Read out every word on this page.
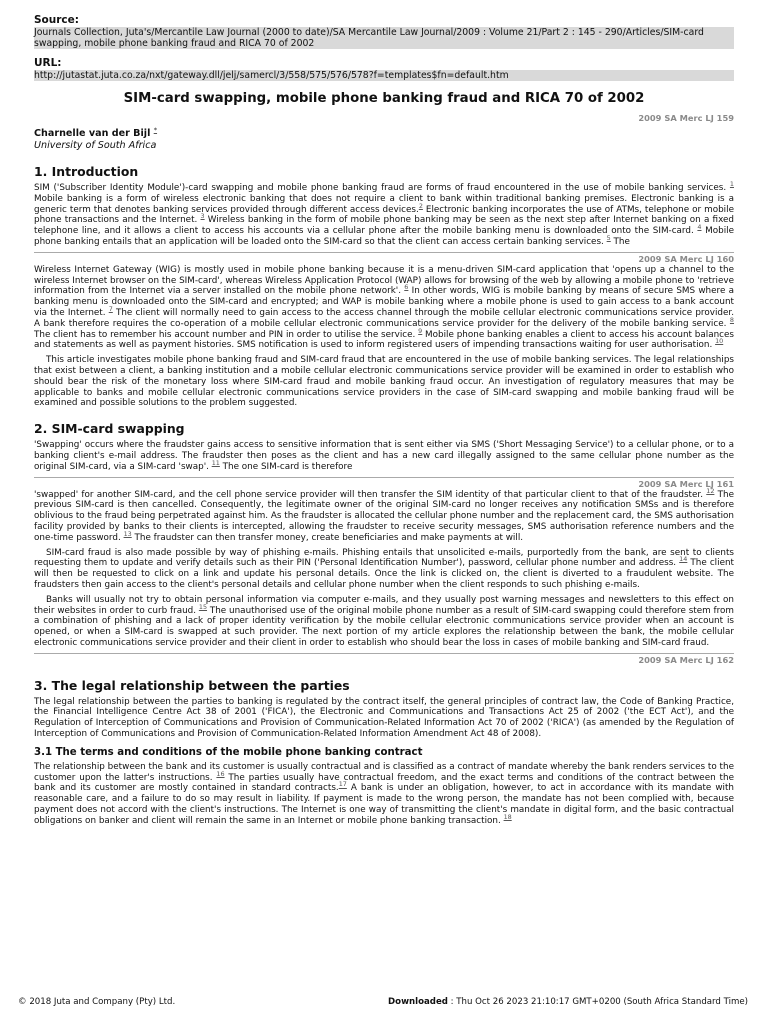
Source:
Journals Collection, Juta's/Mercantile Law Journal (2000 to date)/SA Mercantile Law Journal/2009 : Volume 21/Part 2 : 145 - 290/Articles/SIM-card swapping, mobile phone banking fraud and RICA 70 of 2002
URL:
http://jutastat.juta.co.za/nxt/gateway.dll/jelj/samercl/3/558/575/576/578?f=templates$fn=default.htm
SIM-card swapping, mobile phone banking fraud and RICA 70 of 2002
2009 SA Merc LJ 159
Charnelle van der Bijl *
University of South Africa
1. Introduction

SIM ('Subscriber Identity Module')-card swapping and mobile phone banking fraud are forms of fraud encountered in the use of mobile banking services. $^1$ Mobile banking is a form of wireless electronic banking that does not require a client to bank within traditional banking premises. Electronic banking is a generic term that denotes banking services provided through different access devices.$^2$ Electronic banking incorporates the use of ATMs, telephone or mobile phone transactions and the Internet. $^3$ Wireless banking in the form of mobile phone banking may be seen as the next step after Internet banking on a fixed telephone line, and it allows a client to access his accounts via a cellular phone after the mobile banking menu is downloaded onto the SIM-card. $^4$ Mobile phone banking entails that an application will be loaded onto the SIM-card so that the client can access certain banking services. $^5$ The

2009 SA Merc LJ 160

Wireless Internet Gateway (WIG) is mostly used in mobile phone banking because it is a menu-driven SIM-card application that 'opens up a channel to the wireless Internet browser on the SIM-card', whereas Wireless Application Protocol (WAP) allows for browsing of the web by allowing a mobile phone to 'retrieve information from the Internet via a server installed on the mobile phone network'. $^6$ In other words, WIG is mobile banking by means of secure SMS where a banking menu is downloaded onto the SIM-card and encrypted; and WAP is mobile banking where a mobile phone is used to gain access to a bank account via the Internet. $^7$ The client will normally need to gain access to the access channel through the mobile cellular electronic communications service provider. A bank therefore requires the co-operation of a mobile cellular electronic communications service provider for the delivery of the mobile banking service. $^8$ The client has to remember his account number and PIN in order to utilise the service. $^9$ Mobile phone banking enables a client to access his account balances and statements as well as payment histories. SMS notification is used to inform registered users of impending transactions waiting for user authorisation. $^{10}$

This article investigates mobile phone banking fraud and SIM-card fraud that are encountered in the use of mobile banking services. The legal relationships that exist between a client, a banking institution and a mobile cellular electronic communications service provider will be examined in order to establish who should bear the risk of the monetary loss where SIM-card fraud and mobile banking fraud occur. An investigation of regulatory measures that may be applicable to banks and mobile cellular electronic communications service providers in the case of SIM-card swapping and mobile banking fraud will be examined and possible solutions to the problem suggested.

2. SIM-card swapping

'Swapping' occurs where the fraudster gains access to sensitive information that is sent either via SMS ('Short Messaging Service') to a cellular phone, or to a banking client's e-mail address. The fraudster then poses as the client and has a new card illegally assigned to the same cellular phone number as the original SIM-card, via a SIM-card 'swap'. $^{11}$ The one SIM-card is therefore

2009 SA Merc LJ 161

'swapped' for another SIM-card, and the cell phone service provider will then transfer the SIM identity of that particular client to that of the fraudster. $^{12}$ The previous SIM-card is then cancelled. Consequently, the legitimate owner of the original SIM-card no longer receives any notification SMSs and is therefore oblivious to the fraud being perpetrated against him. As the fraudster is allocated the cellular phone number and the replacement card, the SMS authorisation facility provided by banks to their clients is intercepted, allowing the fraudster to receive security messages, SMS authorisation reference numbers and the one-time password. $^{13}$ The fraudster can then transfer money, create beneficiaries and make payments at will.

SIM-card fraud is also made possible by way of phishing e-mails. Phishing entails that unsolicited e-mails, purportedly from the bank, are sent to clients requesting them to update and verify details such as their PIN ('Personal Identification Number'), password, cellular phone number and address. $^{14}$ The client will then be requested to click on a link and update his personal details. Once the link is clicked on, the client is diverted to a fraudulent website. The fraudsters then gain access to the client's personal details and cellular phone number when the client responds to such phishing e-mails.

Banks will usually not try to obtain personal information via computer e-mails, and they usually post warning messages and newsletters to this effect on their websites in order to curb fraud. $^{15}$ The unauthorised use of the original mobile phone number as a result of SIM-card swapping could therefore stem from a combination of phishing and a lack of proper identity verification by the mobile cellular electronic communications service provider when an account is opened, or when a SIM-card is swapped at such provider. The next portion of my article explores the relationship between the bank, the mobile cellular electronic communications service provider and their client in order to establish who should bear the loss in cases of mobile banking and SIM-card fraud.

2009 SA Merc LJ 162
3. The legal relationship between the parties

The legal relationship between the parties to banking is regulated by the contract itself, the general principles of contract law, the Code of Banking Practice, the Financial Intelligence Centre Act 38 of 2001 ('FICA'), the Electronic and Communications and Transactions Act 25 of 2002 ('the ECT Act'), and the Regulation of Interception of Communications and Provision of Communication-Related Information Act 70 of 2002 ('RICA') (as amended by the Regulation of Interception of Communications and Provision of Communication-Related Information Amendment Act 48 of 2008).

3.1 The terms and conditions of the mobile phone banking contract

The relationship between the bank and its customer is usually contractual and is classified as a contract of mandate whereby the bank renders services to the customer upon the latter's instructions. $^{16}$ The parties usually have contractual freedom, and the exact terms and conditions of the contract between the bank and its customer are mostly contained in standard contracts.$^{17}$ A bank is under an obligation, however, to act in accordance with its mandate with reasonable care, and a failure to do so may result in liability. If payment is made to the wrong person, the mandate has not been complied with, because payment does not accord with the client's instructions. The Internet is one way of transmitting the client's mandate in digital form, and the basic contractual obligations on banker and client will remain the same in an Internet or mobile phone banking transaction. $^{18}$

© 2018 Juta and Company (Pty) Ltd.	Downloaded : Thu Oct 26 2023 21:10:17 GMT+0200 (South Africa Standard Time)
